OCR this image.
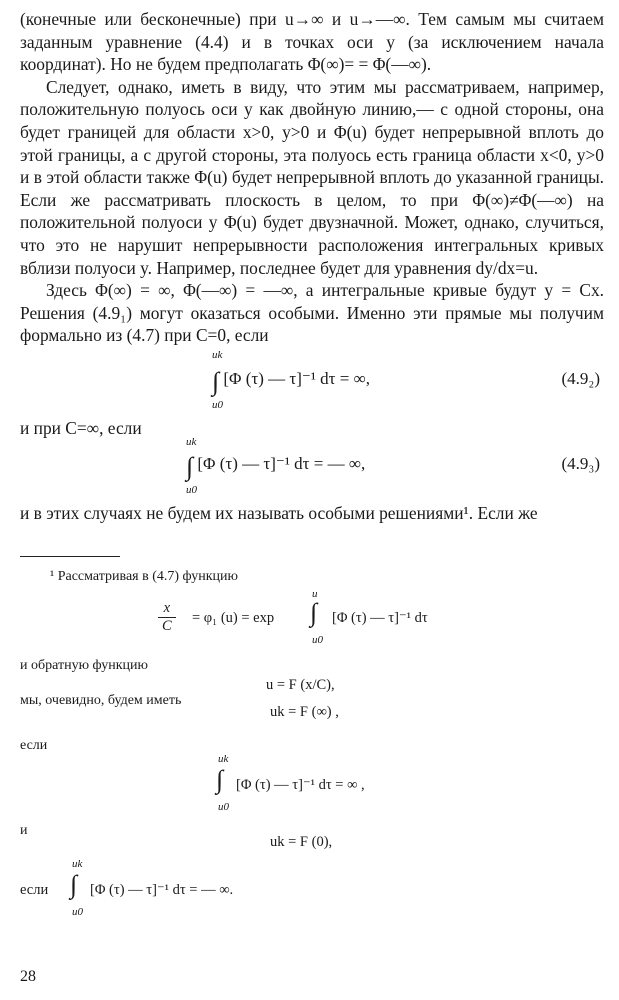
(конечные или бесконечные) при u→∞ и u→—∞. Тем самым мы считаем заданным уравнение (4.4) и в точках оси y (за исключением начала координат). Но не будем предполагать Φ(∞)= = Φ(—∞).

Следует, однако, иметь в виду, что этим мы рассматриваем, например, положительную полуось оси y как двойную линию,— с одной стороны, она будет границей для области x>0, y>0 и Φ(u) будет непрерывной вплоть до этой границы, а с другой стороны, эта полуось есть граница области x<0, y>0 и в этой области также Φ(u) будет непрерывной вплоть до указанной границы. Если же рассматривать плоскость в целом, то при Φ(∞)≠Φ(—∞) на положительной полуоси y Φ(u) будет двузначной. Может, однако, случиться, что это не нарушит непрерывности расположения интегральных кривых вблизи полуоси y. Например, последнее будет для уравнения dy/dx=u.

Здесь Φ(∞) = ∞, Φ(—∞) = —∞, а интегральные кривые будут y = Cx. Решения (4.9₁) могут оказаться особыми. Именно эти прямые мы получим формально из (4.7) при C=0, если

uk
∫ [Φ (τ) — τ]⁻¹ dτ = ∞,
u0
(4.9₂)

и при C=∞, если

uk
∫ [Φ (τ) — τ]⁻¹ dτ = — ∞,
u0
(4.9₃)

и в этих случаях не будем их называть особыми решениями¹. Если же

¹ Рассматривая в (4.7) функцию

$\frac{x}{C} = \varphi_1$ (u) = exp
u
∫
u0
[Φ (τ) — τ]⁻¹ dτ

и обратную функцию

u = F (x/C),

мы, очевидно, будем иметь

uk = F (∞) ,

если

uk
∫
u0
[Φ (τ) — τ]⁻¹ dτ = ∞ ,

и

uk = F (0),
если
uk
∫
u0
[Φ (τ) — τ]⁻¹ dτ = — ∞.
28
